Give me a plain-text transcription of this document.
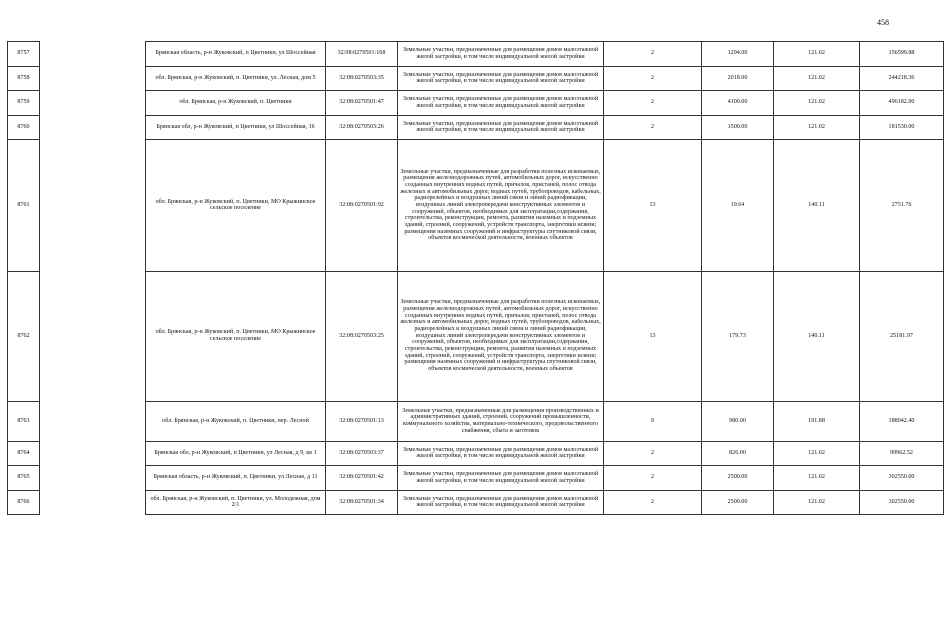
458
8757		Брянская область, р-н Жуковский, п Цветники, ул Шоссейная	32:08:0270501:168	Земельные участки, предназначенные для размещения домов малоэтажной жилой застройки, в том числе индивидуальной жилой застройки	2	1294.00	121.02	156599.88
8758		обл. Брянская, р-н Жуковский, п. Цветники, ул. Лесная, дом 5	32:08:0270503:35	Земельные участки, предназначенные для размещения домов малоэтажной жилой застройки, в том числе индивидуальной жилой застройки	2	2018.00	121.02	244218.36
8759		обл. Брянская, р-н Жуковский, п. Цветники	32:08:0270501:47	Земельные участки, предназначенные для размещения домов малоэтажной жилой застройки, в том числе индивидуальной жилой застройки	2	4100.00	121.02	496182.00
8760		Брянская обл, р-н Жуковский, п Цветники, ул Шоссейная, 16	32:08:0270503:26	Земельные участки, предназначенные для размещения домов малоэтажной жилой застройки, в том числе индивидуальной жилой застройки	2	1500.00	121.02	181530.00
8761		обл. Брянская, р-н Жуковский, п. Цветники, МО Крыжинское сельское поселение	32:08:0270501:92	Земельные участки, предназначенные для разработки полезных ископаемых, размещения железнодорожных путей, автомобильных дорог, искусственно созданных внутренних водных путей, причалов, пристаней, полос отвода железных и автомобильных дорог, водных путей, трубопроводов, кабельных, радиорелейных и воздушных линий связи и линий радиофикации, воздушных линий электропередачи конструктивных элементов и сооружений, объектов, необходимых для эксплуатации,содержания, строительства, реконструкции, ремонта, развития наземных и подземных зданий, строений, сооружений, устройств транспорта, энергетики исвязи; размещения наземных сооружений и инфраструктуры спутниковой связи, объектов космической деятельности, военных объектов	13	19.64	140.11	2751.76
8762		обл. Брянская, р-н Жуковский, п. Цветники, МО Крыжинское сельское поселение	32:08:0270503:25	Земельные участки, предназначенные для разработки полезных ископаемых, размещения железнодорожных путей, автомобильных дорог, искусственно созданных внутренних водных путей, причалов, пристаней, полос отвода железных и автомобильных дорог, водных путей, трубопроводов, кабельных, радиорелейных и воздушных линий связи и линий радиофикации, воздушных линий электропередачи конструктивных элементов и сооружений, объектов, необходимых для эксплуатации,содержания, строительства, реконструкции, ремонта, развития наземных и подземных зданий, строений, сооружений, устройств транспорта, энергетики исвязи; размещения наземных сооружений и инфраструктуры спутниковой связи, объектов космической деятельности, военных объектов	13	179.73	140.11	25181.97
8763		обл. Брянская, р-н Жуковский, п. Цветники, пер. Лесной	32:08:0270501:13	Земельные участки, предназначенные для размещения производственных и административных зданий, строений, сооружений промышленности, коммунального хозяйства, материально-технического, продовольственного снабжения, сбыта и заготовок	9	980.00	191.88	188042.40
8764		Брянская обл, р-н Жуковский, п Цветники, ул Лесная, д 9, кв 1	32:08:0270503:37	Земельные участки, предназначенные для размещения домов малоэтажной жилой застройки, в том числе индивидуальной жилой застройки	2	826.00	121.02	99962.52
8765		Брянская область, р-н Жуковский, п. Цветники, ул Лесная, д 11	32:08:0270501:42	Земельные участки, предназначенные для размещения домов малоэтажной жилой застройки, в том числе индивидуальной жилой застройки	2	2500.00	121.02	302550.00
8766		обл. Брянская, р-н Жуковский, п. Цветники, ул. Молодежная, дом 2/1	32:08:0270501:34	Земельные участки, предназначенные для размещения домов малоэтажной жилой застройки, в том числе индивидуальной жилой застройки	2	2500.00	121.02	302550.00
